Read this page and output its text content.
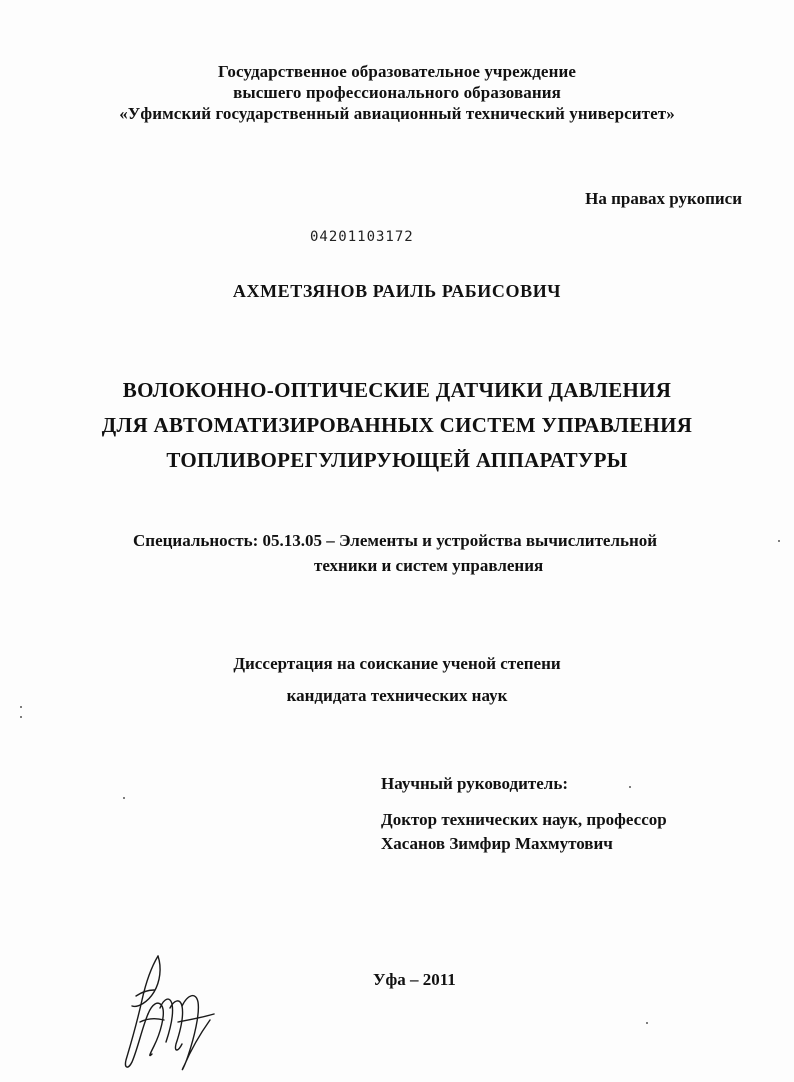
Государственное образовательное учреждение
высшего профессионального образования
«Уфимский государственный авиационный технический университет»
На правах рукописи
04201103172
АХМЕТЗЯНОВ РАИЛЬ РАБИСОВИЧ
ВОЛОКОННО-ОПТИЧЕСКИЕ ДАТЧИКИ ДАВЛЕНИЯ
ДЛЯ АВТОМАТИЗИРОВАННЫХ СИСТЕМ УПРАВЛЕНИЯ
ТОПЛИВОРЕГУЛИРУЮЩЕЙ АППАРАТУРЫ
Специальность: 05.13.05 – Элементы и устройства вычислительной
техники и систем управления
Диссертация на соискание ученой степени
кандидата технических наук
Научный руководитель:
Доктор технических наук, профессор
Хасанов Зимфир Махмутович
Уфа – 2011
